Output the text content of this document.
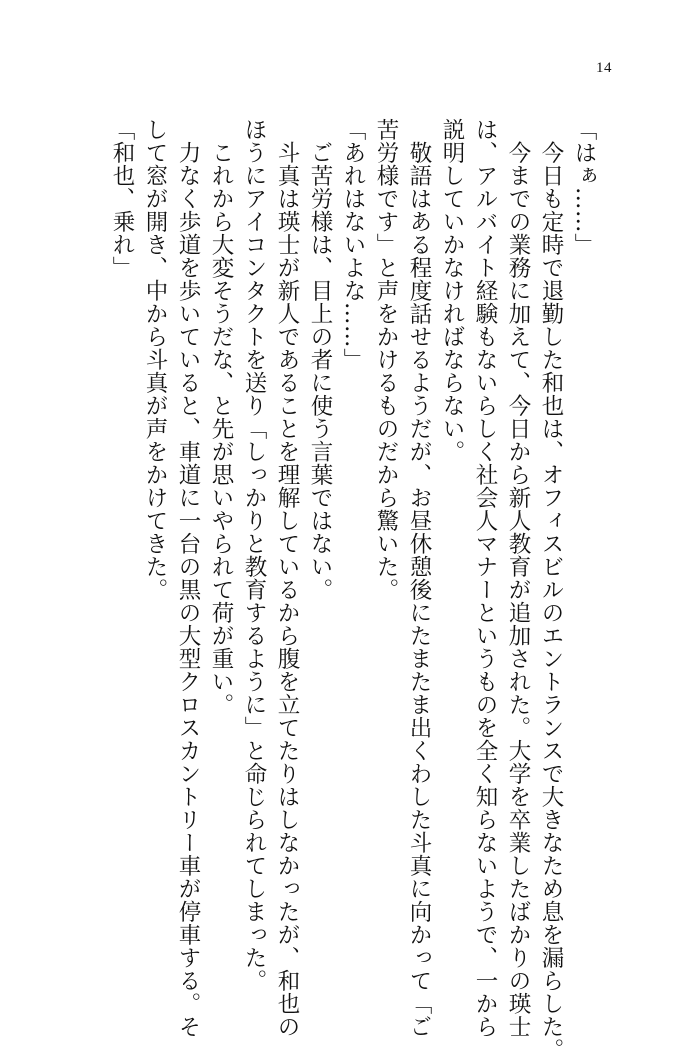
14
「はぁ……」
　今日も定時で退勤した和也は、オフィスビルのエントランスで大きなため息を漏らした。
　今までの業務に加えて、今日から新人教育が追加された。大学を卒業したばかりの瑛士
は、アルバイト経験もないらしく社会人マナーというものを全く知らないようで、一から
説明していかなければならない。
　敬語はある程度話せるようだが、お昼休憩後にたまたま出くわした斗真に向かって「ご
苦労様です」と声をかけるものだから驚いた。
「あれはないよな……」
　ご苦労様は、目上の者に使う言葉ではない。
　斗真は瑛士が新人であることを理解しているから腹を立てたりはしなかったが、和也の
ほうにアイコンタクトを送り「しっかりと教育するように」と命じられてしまった。
　これから大変そうだな、と先が思いやられて荷が重い。
　力なく歩道を歩いていると、車道に一台の黒の大型クロスカントリー車が停車する。そ
して窓が開き、中から斗真が声をかけてきた。
「和也、乗れ」
